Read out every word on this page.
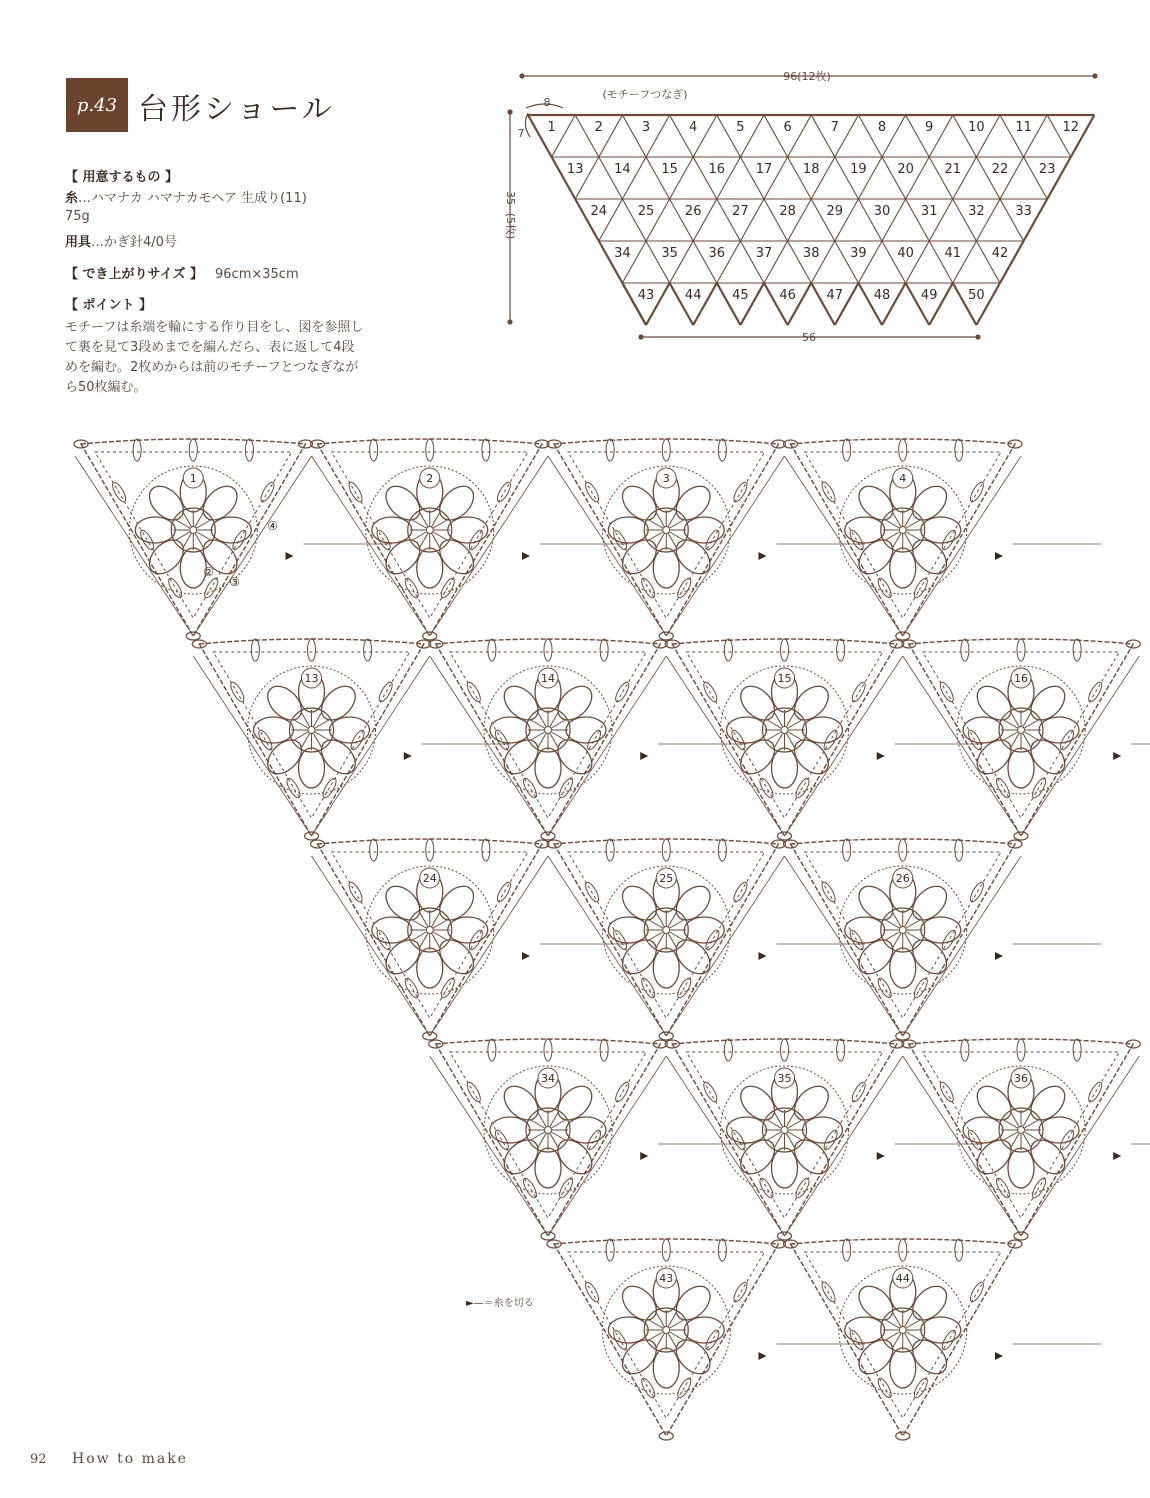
p.43 台形ショール
【 用意するもの 】
糸…ハマナカ ハマナカモヘア 生成り(11)
75g
用具…かぎ針4/0号
【 でき上がりサイズ 】 96cm×35cm
【 ポイント 】
モチーフは糸端を輪にする作り目をし、図を参照して裏を見て3段めまでを編んだら、表に返して4段めを編む。2枚めからは前のモチーフとつなぎながら50枚編む。
1	2	3	4	5	6	7	8	9	10 11 12
13 14 15 16 17 18 19 20 21 22 23
24 25 26 27 28 29 30 31 32 33
34 35 36 37 38 39 40 41 42
43 44 45 46 47 48 49 50
96(12枚)
(モチーフつなぎ)
8
7
35
(5枚)
56
1	2	3	4
13	14	15	16
24	25	26
34	35	36
43	44
②
③
④
►—＝糸を切る
92 How to make
